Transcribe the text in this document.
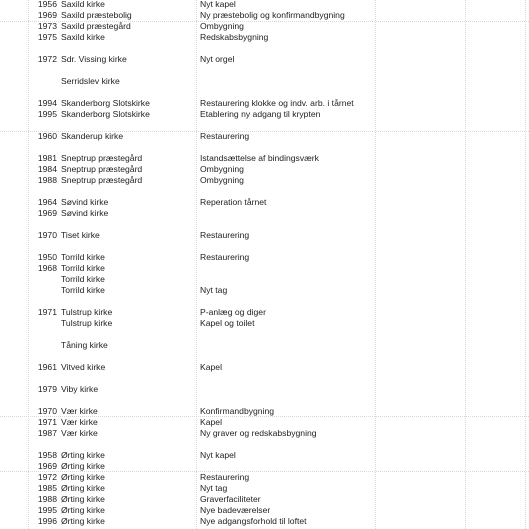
1956 Saxild kirke	Nyt kapel
1969 Saxild præstebolig	Ny præstebolig og konfirmandbygning
1973 Saxild præstegård	Ombygning
1975 Saxild kirke	Redskabsbygning
1972 Sdr. Vissing kirke	Nyt orgel
Serridslev kirke
1994 Skanderborg Slotskirke	Restaurering klokke og indv. arb. i tårnet
1995 Skanderborg Slotskirke	Etablering ny adgang til krypten
1960 Skanderup kirke	Restaurering
1981 Sneptrup præstegård	Istandsættelse af bindingsværk
1984 Sneptrup præstegård	Ombygning
1988 Sneptrup præstegård	Ombygning
1964 Søvind kirke	Reperation tårnet
1969 Søvind kirke
1970 Tiset kirke	Restaurering
1950 Torrild kirke	Restaurering
1968 Torrild kirke
Torrild kirke
Torrild kirke	Nyt tag
1971 Tulstrup kirke	P-anlæg og diger
Tulstrup kirke	Kapel og toilet
Tåning kirke
1961 Vitved kirke	Kapel
1979 Viby kirke
1970 Vær kirke	Konfirmandbygning
1971 Vær kirke	Kapel
1987 Vær kirke	Ny graver og redskabsbygning
1958 Ørting kirke	Nyt kapel
1969 Ørting kirke
1972 Ørting kirke	Restaurering
1985 Ørting kirke	Nyt tag
1988 Ørting kirke	Graverfaciliteter
1995 Ørting kirke	Nye badeværelser
1996 Ørting kirke	Nye adgangsforhold til loftet
